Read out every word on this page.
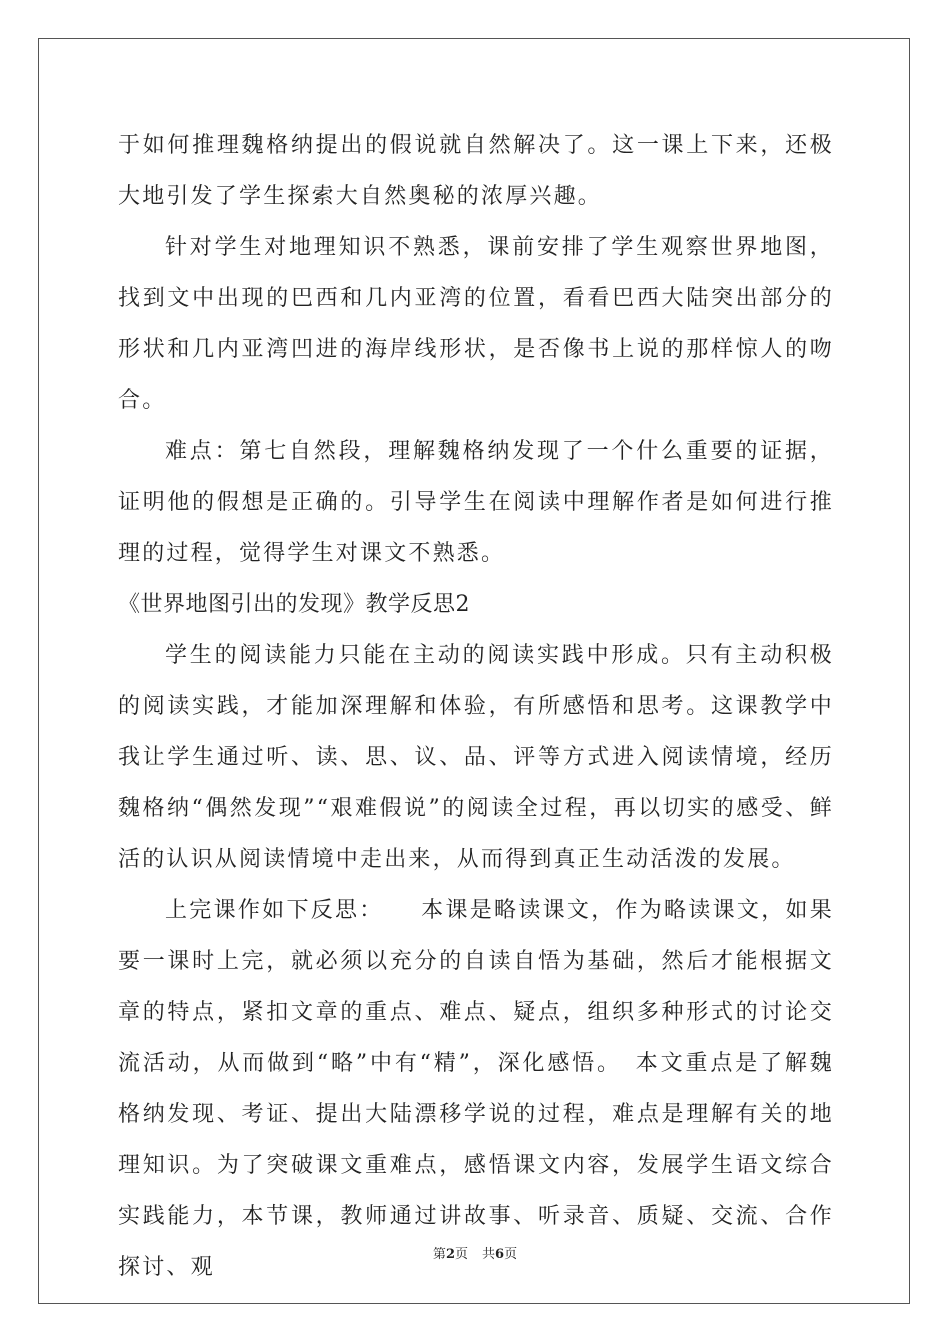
于如何推理魏格纳提出的假说就自然解决了。这一课上下来，还极大地引发了学生探索大自然奥秘的浓厚兴趣。

针对学生对地理知识不熟悉，课前安排了学生观察世界地图，找到文中出现的巴西和几内亚湾的位置，看看巴西大陆突出部分的形状和几内亚湾凹进的海岸线形状，是否像书上说的那样惊人的吻合。

难点：第七自然段，理解魏格纳发现了一个什么重要的证据，证明他的假想是正确的。引导学生在阅读中理解作者是如何进行推理的过程，觉得学生对课文不熟悉。

《世界地图引出的发现》教学反思2

学生的阅读能力只能在主动的阅读实践中形成。只有主动积极的阅读实践，才能加深理解和体验，有所感悟和思考。这课教学中我让学生通过听、读、思、议、品、评等方式进入阅读情境，经历魏格纳“偶然发现”“艰难假说”的阅读全过程，再以切实的感受、鲜活的认识从阅读情境中走出来，从而得到真正生动活泼的发展。

上完课作如下反思：　　本课是略读课文，作为略读课文，如果要一课时上完，就必须以充分的自读自悟为基础，然后才能根据文章的特点，紧扣文章的重点、难点、疑点，组织多种形式的讨论交流活动，从而做到“略”中有“精”，深化感悟。　本文重点是了解魏格纳发现、考证、提出大陆漂移学说的过程，难点是理解有关的地理知识。为了突破课文重难点，感悟课文内容，发展学生语文综合实践能力，本节课，教师通过讲故事、听录音、质疑、交流、合作探讨、观

第2页 共6页
